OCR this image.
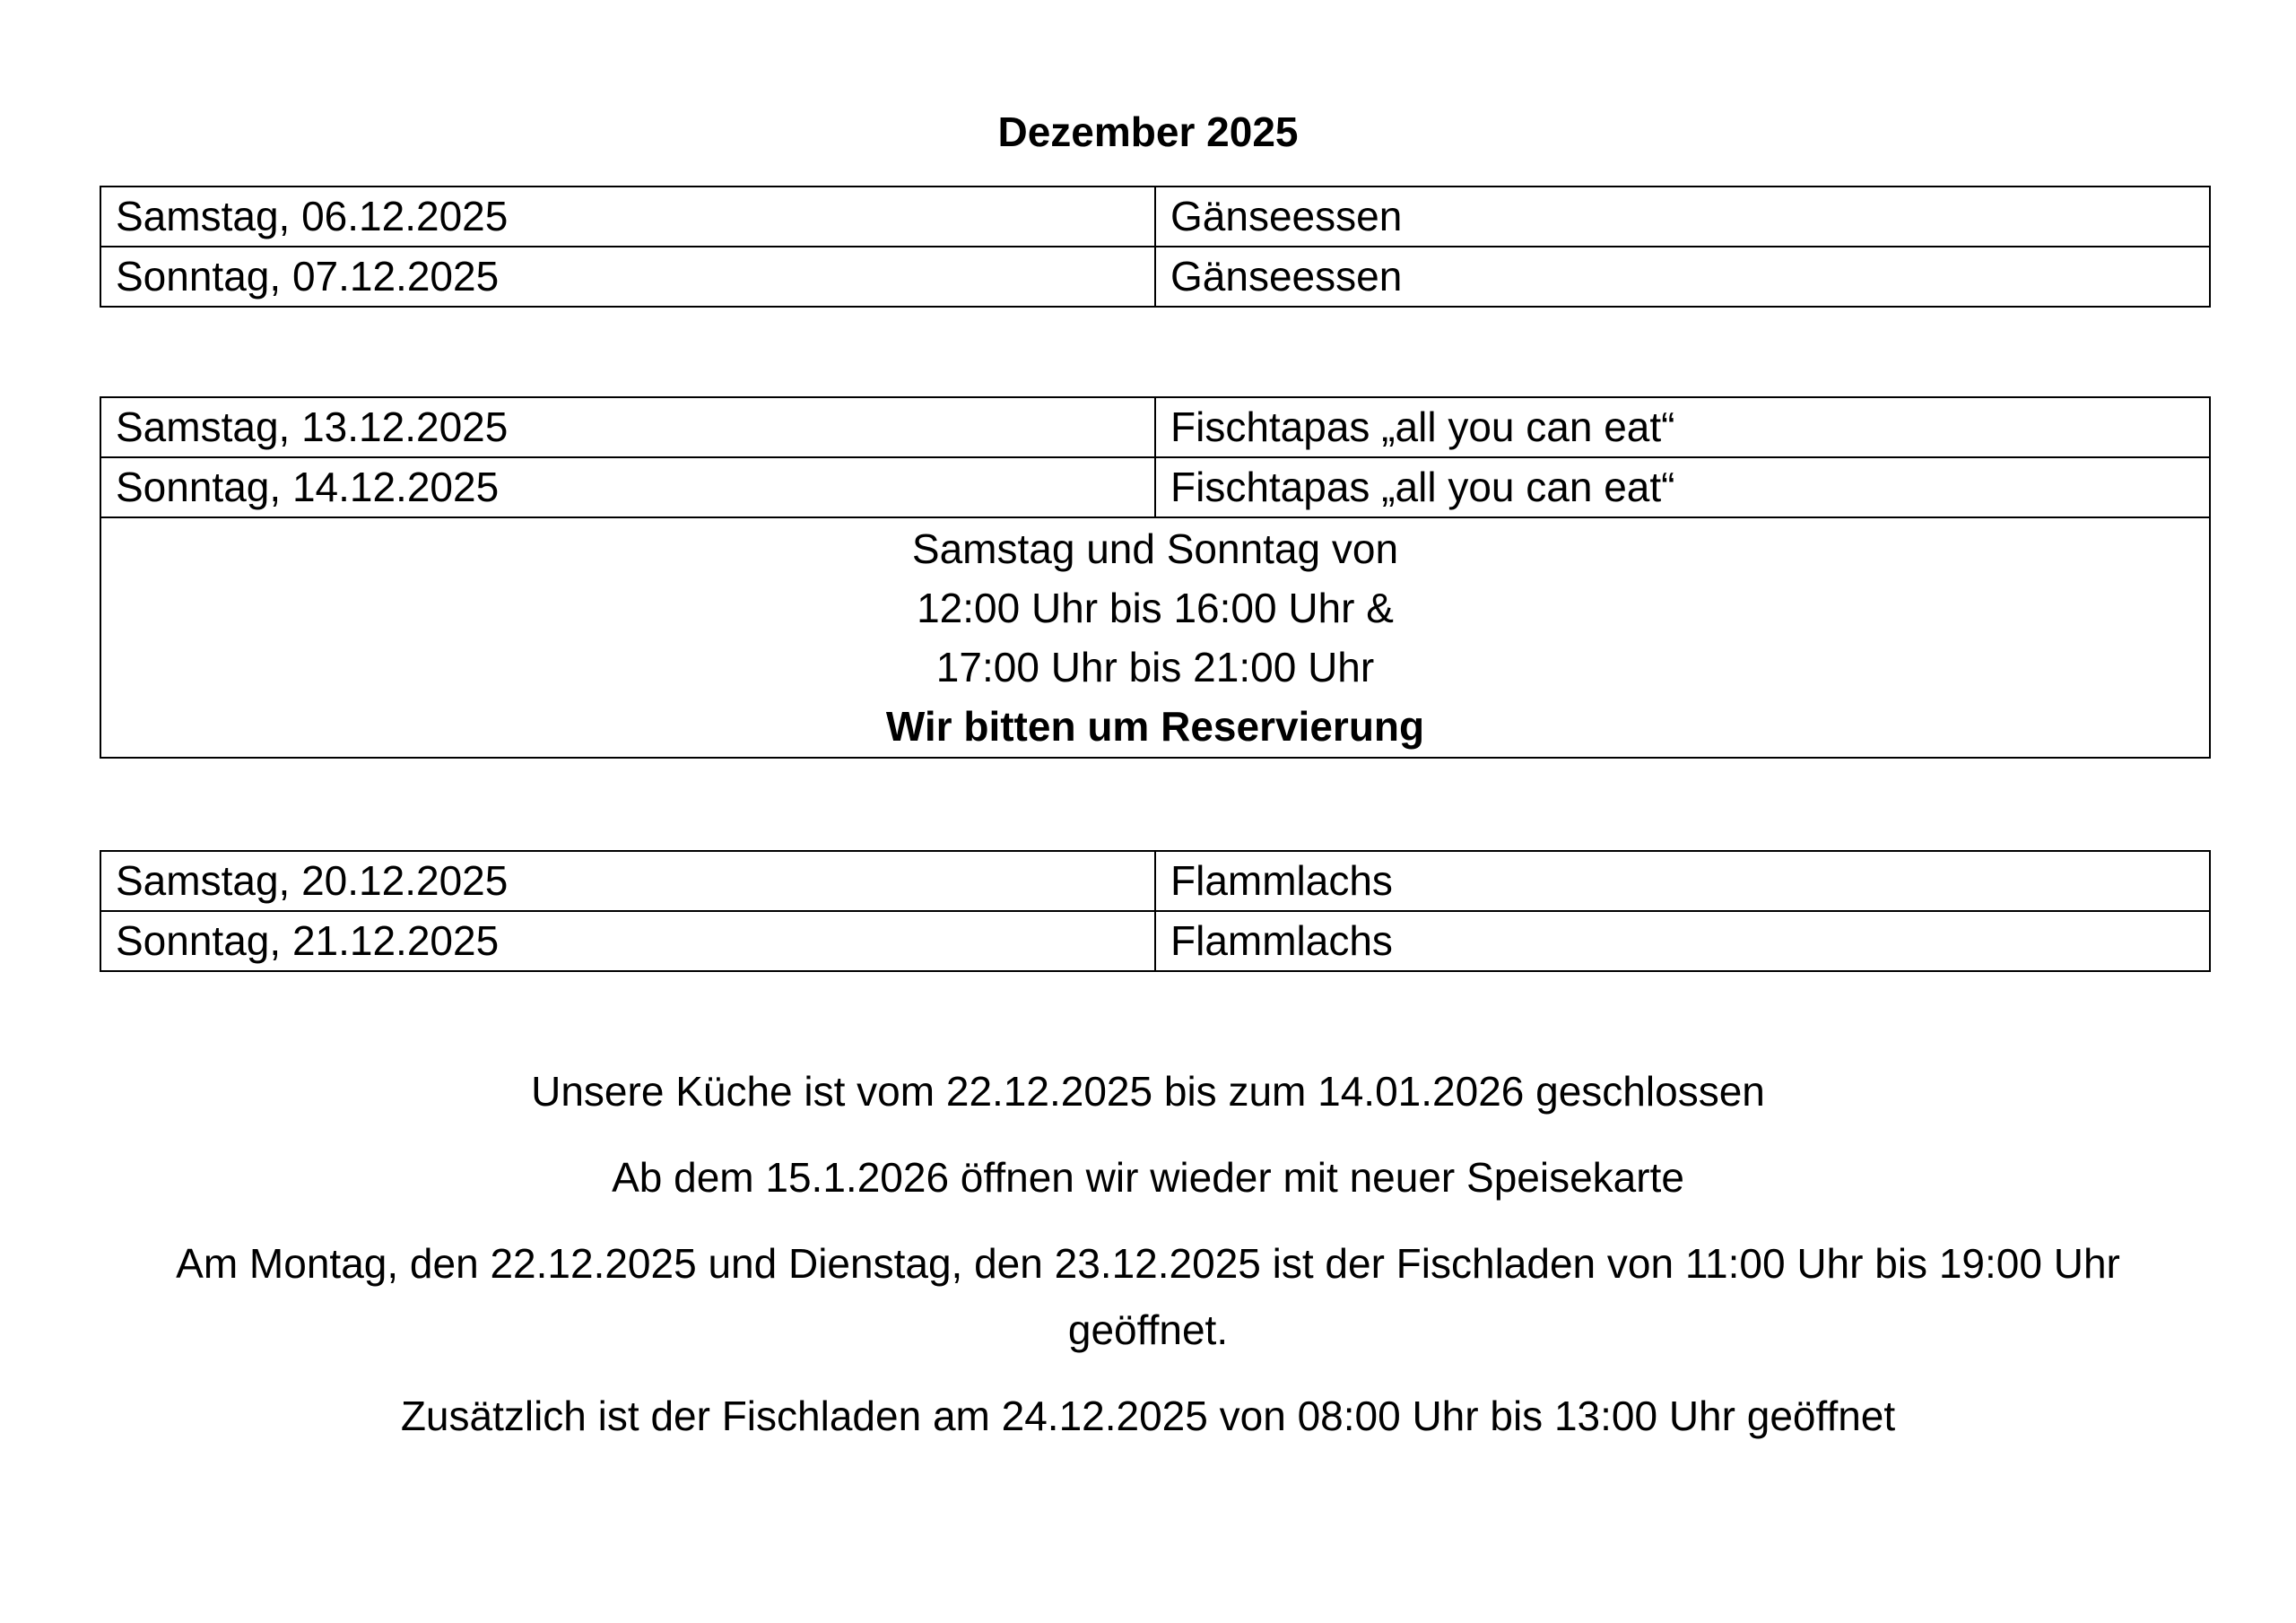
Dezember 2025
Samstag, 06.12.2025	Gänseessen
Sonntag, 07.12.2025	Gänseessen
Samstag, 13.12.2025	Fischtapas „all you can eat“
Sonntag, 14.12.2025	Fischtapas „all you can eat“

Samstag und Sonntag von
12:00 Uhr bis 16:00 Uhr &
17:00 Uhr bis 21:00 Uhr
Wir bitten um Reservierung	
Samstag, 20.12.2025	Flammlachs
Sonntag, 21.12.2025	Flammlachs

Unsere Küche ist vom 22.12.2025 bis zum 14.01.2026 geschlossen

Ab dem 15.1.2026 öffnen wir wieder mit neuer Speisekarte

Am Montag, den 22.12.2025 und Dienstag, den 23.12.2025 ist der Fischladen von 11:00 Uhr bis 19:00 Uhr geöffnet.

Zusätzlich ist der Fischladen am 24.12.2025 von 08:00 Uhr bis 13:00 Uhr geöffnet
